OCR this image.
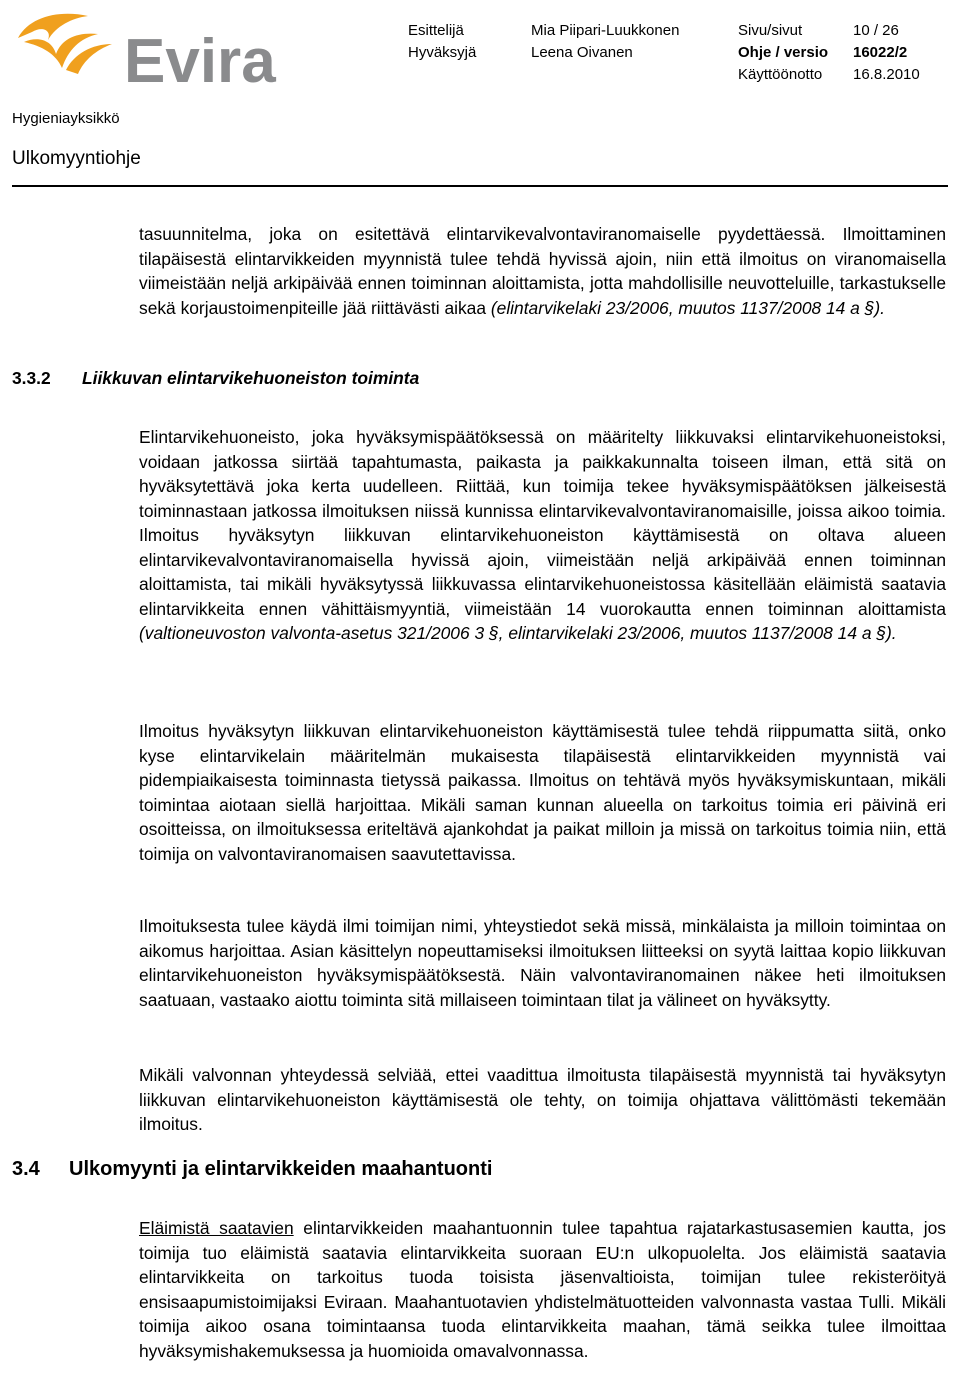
Evira	Esittelijä	Mia Piipari-Luukkonen	Sivu/sivut	10 / 26
Hyväksyjä	Leena Oivanen	Ohje / versio 16022/2
Käyttöönotto 16.8.2010
Hygieniayksikkö
Ulkomyyntiohje
tasuunnitelma, joka on esitettävä elintarvikevalvontaviranomaiselle pyydettäessä. Ilmoittaminen tilapäisestä elintarvikkeiden myynnistä tulee tehdä hyvissä ajoin, niin että ilmoitus on viranomaisella viimeistään neljä arkipäivää ennen toiminnan aloittamista, jotta mahdollisille neuvotteluille, tarkastukselle sekä korjaustoimenpiteille jää riittävästi aikaa (elintarvikelaki 23/2006, muutos 1137/2008 14 a §).
3.3.2 Liikkuvan elintarvikehuoneiston toiminta
Elintarvikehuoneisto, joka hyväksymispäätöksessä on määritelty liikkuvaksi elintarvikehuoneistoksi, voidaan jatkossa siirtää tapahtumasta, paikasta ja paikkakunnalta toiseen ilman, että sitä on hyväksytettävä joka kerta uudelleen. Riittää, kun toimija tekee hyväksymispäätöksen jälkeisestä toiminnastaan jatkossa ilmoituksen niissä kunnissa elintarvikevalvontaviranomaisille, joissa aikoo toimia. Ilmoitus hyväksytyn liikkuvan elintarvikehuoneiston käyttämisestä on oltava alueen elintarvikevalvontaviranomaisella hyvissä ajoin, viimeistään neljä arkipäivää ennen toiminnan aloittamista, tai mikäli hyväksytyssä liikkuvassa elintarvikehuoneistossa käsitellään eläimistä saatavia elintarvikkeita ennen vähittäismyyntiä, viimeistään 14 vuorokautta ennen toiminnan aloittamista (valtioneuvoston valvonta-asetus 321/2006 3 §, elintarvikelaki 23/2006, muutos 1137/2008 14 a §).
Ilmoitus hyväksytyn liikkuvan elintarvikehuoneiston käyttämisestä tulee tehdä riippumatta siitä, onko kyse elintarvikelain määritelmän mukaisesta tilapäisestä elintarvikkeiden myynnistä vai pidempiaikaisesta toiminnasta tietyssä paikassa. Ilmoitus on tehtävä myös hyväksymiskuntaan, mikäli toimintaa aiotaan siellä harjoittaa. Mikäli saman kunnan alueella on tarkoitus toimia eri päivinä eri osoitteissa, on ilmoituksessa eriteltävä ajankohdat ja paikat milloin ja missä on tarkoitus toimia niin, että toimija on valvontaviranomaisen saavutettavissa.
Ilmoituksesta tulee käydä ilmi toimijan nimi, yhteystiedot sekä missä, minkälaista ja milloin toimintaa on aikomus harjoittaa. Asian käsittelyn nopeuttamiseksi ilmoituksen liitteeksi on syytä laittaa kopio liikkuvan elintarvikehuoneiston hyväksymispäätöksestä. Näin valvontaviranomainen näkee heti ilmoituksen saatuaan, vastaako aiottu toiminta sitä millaiseen toimintaan tilat ja välineet on hyväksytty.
Mikäli valvonnan yhteydessä selviää, ettei vaadittua ilmoitusta tilapäisestä myynnistä tai hyväksytyn liikkuvan elintarvikehuoneiston käyttämisestä ole tehty, on toimija ohjattava välittömästi tekemään ilmoitus.
3.4 Ulkomyynti ja elintarvikkeiden maahantuonti
Eläimistä saatavien elintarvikkeiden maahantuonnin tulee tapahtua rajatarkastusasemien kautta, jos toimija tuo eläimistä saatavia elintarvikkeita suoraan EU:n ulkopuolelta. Jos eläimistä saatavia elintarvikkeita on tarkoitus tuoda toisista jäsenvaltioista, toimijan tulee rekisteröityä ensisaapumistoimijaksi Eviraan. Maahantuotavien yhdistelmätuotteiden valvonnasta vastaa Tulli. Mikäli toimija aikoo osana toimintaansa tuoda elintarvikkeita maahan, tämä seikka tulee ilmoittaa hyväksymishakemuksessa ja huomioida omavalvonnassa.
